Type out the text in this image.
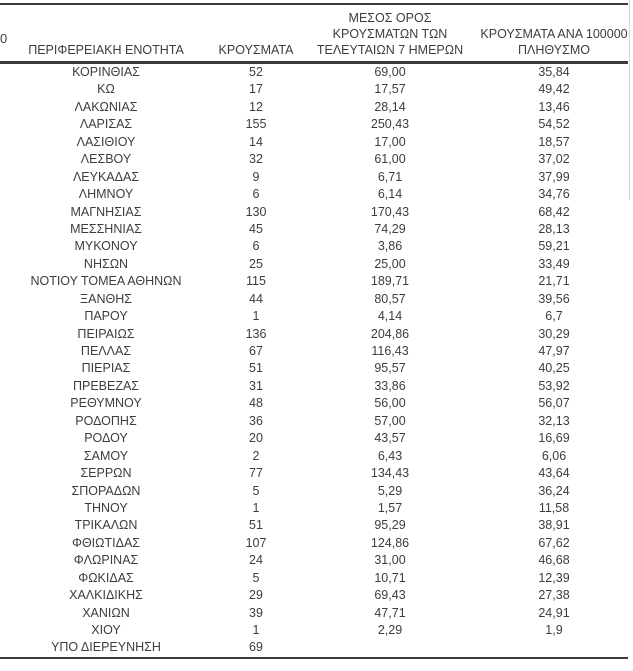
0
ΠΕΡΙΦΕΡΕΙΑΚΗ ΕΝΟΤΗΤΑ	ΚΡΟΥΣΜΑΤΑ	ΜΕΣΟΣ ΟΡΟΣ
ΚΡΟΥΣΜΑΤΩΝ ΤΩΝ
ΤΕΛΕΥΤΑΙΩΝ 7 ΗΜΕΡΩΝ	ΚΡΟΥΣΜΑΤΑ ΑΝΑ 100000
ΠΛΗΘΥΣΜΟ

ΚΟΡΙΝΘΙΑΣ	52	69,00	35,84
ΚΩ	17	17,57	49,42
ΛΑΚΩΝΙΑΣ	12	28,14	13,46
ΛΑΡΙΣΑΣ	155	250,43	54,52
ΛΑΣΙΘΙΟΥ	14	17,00	18,57
ΛΕΣΒΟΥ	32	61,00	37,02
ΛΕΥΚΑΔΑΣ	9	6,71	37,99
ΛΗΜΝΟΥ	6	6,14	34,76
ΜΑΓΝΗΣΙΑΣ	130	170,43	68,42
ΜΕΣΣΗΝΙΑΣ	45	74,29	28,13
ΜΥΚΟΝΟΥ	6	3,86	59,21
ΝΗΣΩΝ	25	25,00	33,49
ΝΟΤΙΟΥ ΤΟΜΕΑ ΑΘΗΝΩΝ	115	189,71	21,71
ΞΑΝΘΗΣ	44	80,57	39,56
ΠΑΡΟΥ	1	4,14	6,7
ΠΕΙΡΑΙΩΣ	136	204,86	30,29
ΠΕΛΛΑΣ	67	116,43	47,97
ΠΙΕΡΙΑΣ	51	95,57	40,25
ΠΡΕΒΕΖΑΣ	31	33,86	53,92
ΡΕΘΥΜΝΟΥ	48	56,00	56,07
ΡΟΔΟΠΗΣ	36	57,00	32,13
ΡΟΔΟΥ	20	43,57	16,69
ΣΑΜΟΥ	2	6,43	6,06
ΣΕΡΡΩΝ	77	134,43	43,64
ΣΠΟΡΑΔΩΝ	5	5,29	36,24
ΤΗΝΟΥ	1	1,57	11,58
ΤΡΙΚΑΛΩΝ	51	95,29	38,91
ΦΘΙΩΤΙΔΑΣ	107	124,86	67,62
ΦΛΩΡΙΝΑΣ	24	31,00	46,68
ΦΩΚΙΔΑΣ	5	10,71	12,39
ΧΑΛΚΙΔΙΚΗΣ	29	69,43	27,38
ΧΑΝΙΩΝ	39	47,71	24,91
ΧΙΟΥ	1	2,29	1,9
ΥΠΟ ΔΙΕΡΕΥΝΗΣΗ	69		
